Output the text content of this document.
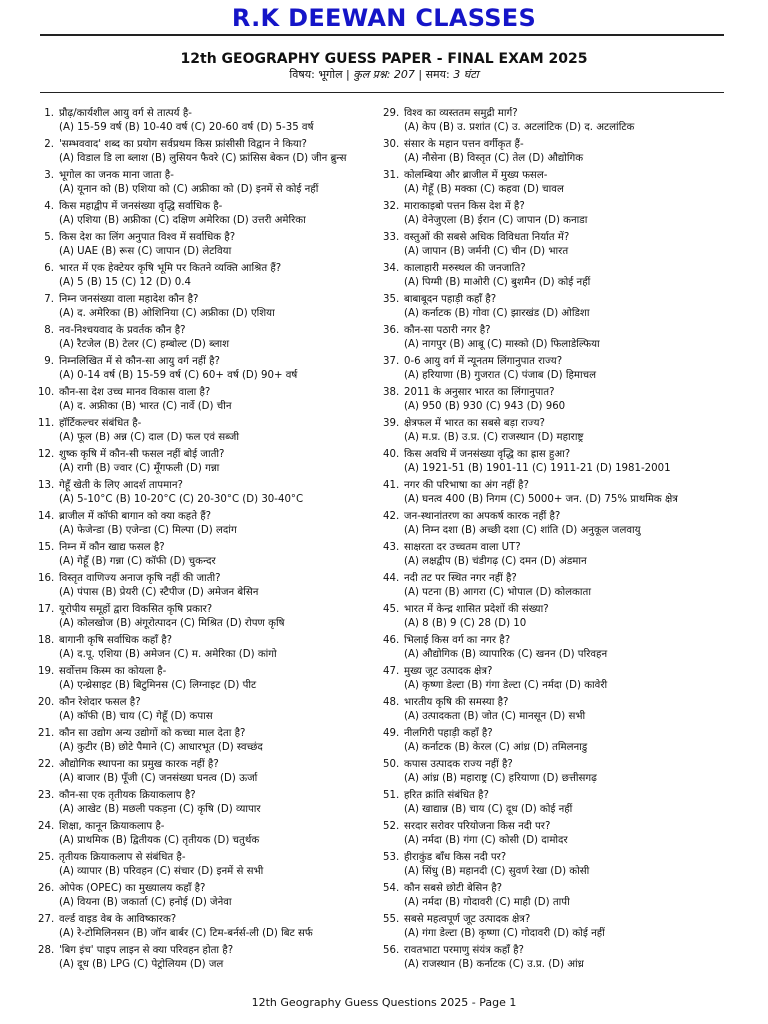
R.K DEEWAN CLASSES
12th GEOGRAPHY GUESS PAPER - FINAL EXAM 2025
विषय: भूगोल | कुल प्रश्न: 207 | समय: 3 घंटा
1. प्रौढ़/कार्यशील आयु वर्ग से तात्पर्य है-
(A) 15-59 वर्ष (B) 10-40 वर्ष (C) 20-60 वर्ष (D) 5-35 वर्ष
2. 'सम्भववाद' शब्द का प्रयोग सर्वप्रथम किस फ्रांसीसी विद्वान ने किया?
(A) विडाल डि ला ब्लाश (B) लुसियन फैवरे (C) फ्रांसिस बेकन (D) जीन ब्रुन्स
3. भूगोल का जनक माना जाता है-
(A) यूनान को (B) एशिया को (C) अफ्रीका को (D) इनमें से कोई नहीं
4. किस महाद्वीप में जनसंख्या वृद्धि सर्वाधिक है-
(A) एशिया (B) अफ्रीका (C) दक्षिण अमेरिका (D) उत्तरी अमेरिका
5. किस देश का लिंग अनुपात विश्व में सर्वाधिक है?
(A) UAE (B) रूस (C) जापान (D) लेटविया
6. भारत में एक हेक्टेयर कृषि भूमि पर कितने व्यक्ति आश्रित हैं?
(A) 5 (B) 15 (C) 12 (D) 0.4
7. निम्न जनसंख्या वाला महादेश कौन है?
(A) द. अमेरिका (B) ओशिनिया (C) अफ्रीका (D) एशिया
8. नव-निश्चयवाद के प्रवर्तक कौन है?
(A) रैटजेल (B) टेलर (C) हम्बोल्ट (D) ब्लाश
9. निम्नलिखित में से कौन-सा आयु वर्ग नहीं है?
(A) 0-14 वर्ष (B) 15-59 वर्ष (C) 60+ वर्ष (D) 90+ वर्ष
10. कौन-सा देश उच्च मानव विकास वाला है?
(A) द. अफ्रीका (B) भारत (C) नार्वे (D) चीन
11. हॉर्टिकल्चर संबंधित है-
(A) फूल (B) अन्न (C) दाल (D) फल एवं सब्जी
12. शुष्क कृषि में कौन-सी फसल नहीं बोई जाती?
(A) रागी (B) ज्वार (C) मूँगफली (D) गन्ना
13. गेहूँ खेती के लिए आदर्श तापमान?
(A) 5-10°C (B) 10-20°C (C) 20-30°C (D) 30-40°C
14. ब्राजील में कॉफी बागान को क्या कहते हैं?
(A) फेजेन्डा (B) एजेन्डा (C) मिल्पा (D) लदांग
15. निम्न में कौन खाद्य फसल है?
(A) गेहूँ (B) गन्ना (C) कॉफी (D) चुकन्दर
16. विस्तृत वाणिज्य अनाज कृषि नहीं की जाती?
(A) पंपास (B) प्रेयरी (C) स्टैपीज (D) अमेजन बेसिन
17. यूरोपीय समूहों द्वारा विकसित कृषि प्रकार?
(A) कोलखोज (B) अंगूरोत्पादन (C) मिश्रित (D) रोपण कृषि
18. बागानी कृषि सर्वाधिक कहाँ है?
(A) द.पू. एशिया (B) अमेजन (C) म. अमेरिका (D) कांगो
19. सर्वोत्तम किस्म का कोयला है-
(A) एन्थ्रेसाइट (B) बिटुमिनस (C) लिग्नाइट (D) पीट
20. कौन रेशेदार फसल है?
(A) कॉफी (B) चाय (C) गेहूँ (D) कपास
21. कौन सा उद्योग अन्य उद्योगों को कच्चा माल देता है?
(A) कुटीर (B) छोटे पैमाने (C) आधारभूत (D) स्वच्छंद
22. औद्योगिक स्थापना का प्रमुख कारक नहीं है?
(A) बाजार (B) पूँजी (C) जनसंख्या घनत्व (D) ऊर्जा
23. कौन-सा एक तृतीयक क्रियाकलाप है?
(A) आखेट (B) मछली पकड़ना (C) कृषि (D) व्यापार
24. शिक्षा, कानून क्रियाकलाप है-
(A) प्राथमिक (B) द्वितीयक (C) तृतीयक (D) चतुर्थक
25. तृतीयक क्रियाकलाप से संबंधित है-
(A) व्यापार (B) परिवहन (C) संचार (D) इनमें से सभी
26. ओपेक (OPEC) का मुख्यालय कहाँ है?
(A) वियना (B) जकार्ता (C) हनोई (D) जेनेवा
27. वर्ल्ड वाइड वेब के आविष्कारक?
(A) रे-टोमिलिनसन (B) जॉन बार्बर (C) टिम-बर्नर्स-ली (D) बिट सर्फ
28. 'बिग इंच' पाइप लाइन से क्या परिवहन होता है?
(A) दूध (B) LPG (C) पेट्रोलियम (D) जल
29. विश्व का व्यस्ततम समुद्री मार्ग?
(A) केप (B) उ. प्रशांत (C) उ. अटलांटिक (D) द. अटलांटिक
30. संसार के महान पत्तन वर्गीकृत हैं-
(A) नौसेना (B) विस्तृत (C) तेल (D) औद्योगिक
31. कोलम्बिया और ब्राजील में मुख्य फसल-
(A) गेहूँ (B) मक्का (C) कहवा (D) चावल
32. माराकाइबो पत्तन किस देश में है?
(A) वेनेजुएला (B) ईरान (C) जापान (D) कनाडा
33. वस्तुओं की सबसे अधिक विविधता निर्यात में?
(A) जापान (B) जर्मनी (C) चीन (D) भारत
34. कालाहारी मरुस्थल की जनजाति?
(A) पिग्मी (B) माओरी (C) बुशमैन (D) कोई नहीं
35. बाबाबूदन पहाड़ी कहाँ है?
(A) कर्नाटक (B) गोवा (C) झारखंड (D) ओडिशा
36. कौन-सा पठारी नगर है?
(A) नागपुर (B) आबू (C) मास्को (D) फिलाडेल्फिया
37. 0-6 आयु वर्ग में न्यूनतम लिंगानुपात राज्य?
(A) हरियाणा (B) गुजरात (C) पंजाब (D) हिमाचल
38. 2011 के अनुसार भारत का लिंगानुपात?
(A) 950 (B) 930 (C) 943 (D) 960
39. क्षेत्रफल में भारत का सबसे बड़ा राज्य?
(A) म.प्र. (B) उ.प्र. (C) राजस्थान (D) महाराष्ट्र
40. किस अवधि में जनसंख्या वृद्धि का ह्रास हुआ?
(A) 1921-51 (B) 1901-11 (C) 1911-21 (D) 1981-2001
41. नगर की परिभाषा का अंग नहीं है?
(A) घनत्व 400 (B) निगम (C) 5000+ जन. (D) 75% प्राथमिक क्षेत्र
42. जन-स्थानांतरण का अपकर्ष कारक नहीं है?
(A) निम्न दशा (B) अच्छी दशा (C) शांति (D) अनुकूल जलवायु
43. साक्षरता दर उच्चतम वाला UT?
(A) लक्षद्वीप (B) चंडीगढ़ (C) दमन (D) अंडमान
44. नदी तट पर स्थित नगर नहीं है?
(A) पटना (B) आगरा (C) भोपाल (D) कोलकाता
45. भारत में केन्द्र शासित प्रदेशों की संख्या?
(A) 8 (B) 9 (C) 28 (D) 10
46. भिलाई किस वर्ग का नगर है?
(A) औद्योगिक (B) व्यापारिक (C) खनन (D) परिवहन
47. मुख्य जूट उत्पादक क्षेत्र?
(A) कृष्णा डेल्टा (B) गंगा डेल्टा (C) नर्मदा (D) कावेरी
48. भारतीय कृषि की समस्या है?
(A) उत्पादकता (B) जोत (C) मानसून (D) सभी
49. नीलगिरी पहाड़ी कहाँ है?
(A) कर्नाटक (B) केरल (C) आंध्र (D) तमिलनाडु
50. कपास उत्पादक राज्य नहीं है?
(A) आंध्र (B) महाराष्ट्र (C) हरियाणा (D) छत्तीसगढ़
51. हरित क्रांति संबंधित है?
(A) खाद्यान्न (B) चाय (C) दूध (D) कोई नहीं
52. सरदार सरोवर परियोजना किस नदी पर?
(A) नर्मदा (B) गंगा (C) कोसी (D) दामोदर
53. हीराकुंड बाँध किस नदी पर?
(A) सिंधु (B) महानदी (C) सुवर्ण रेखा (D) कोसी
54. कौन सबसे छोटी बेसिन है?
(A) नर्मदा (B) गोदावरी (C) माही (D) तापी
55. सबसे महत्वपूर्ण जूट उत्पादक क्षेत्र?
(A) गंगा डेल्टा (B) कृष्णा (C) गोदावरी (D) कोई नहीं
56. रावतभाटा परमाणु संयंत्र कहाँ है?
(A) राजस्थान (B) कर्नाटक (C) उ.प्र. (D) आंध्र
12th Geography Guess Questions 2025 - Page 1
